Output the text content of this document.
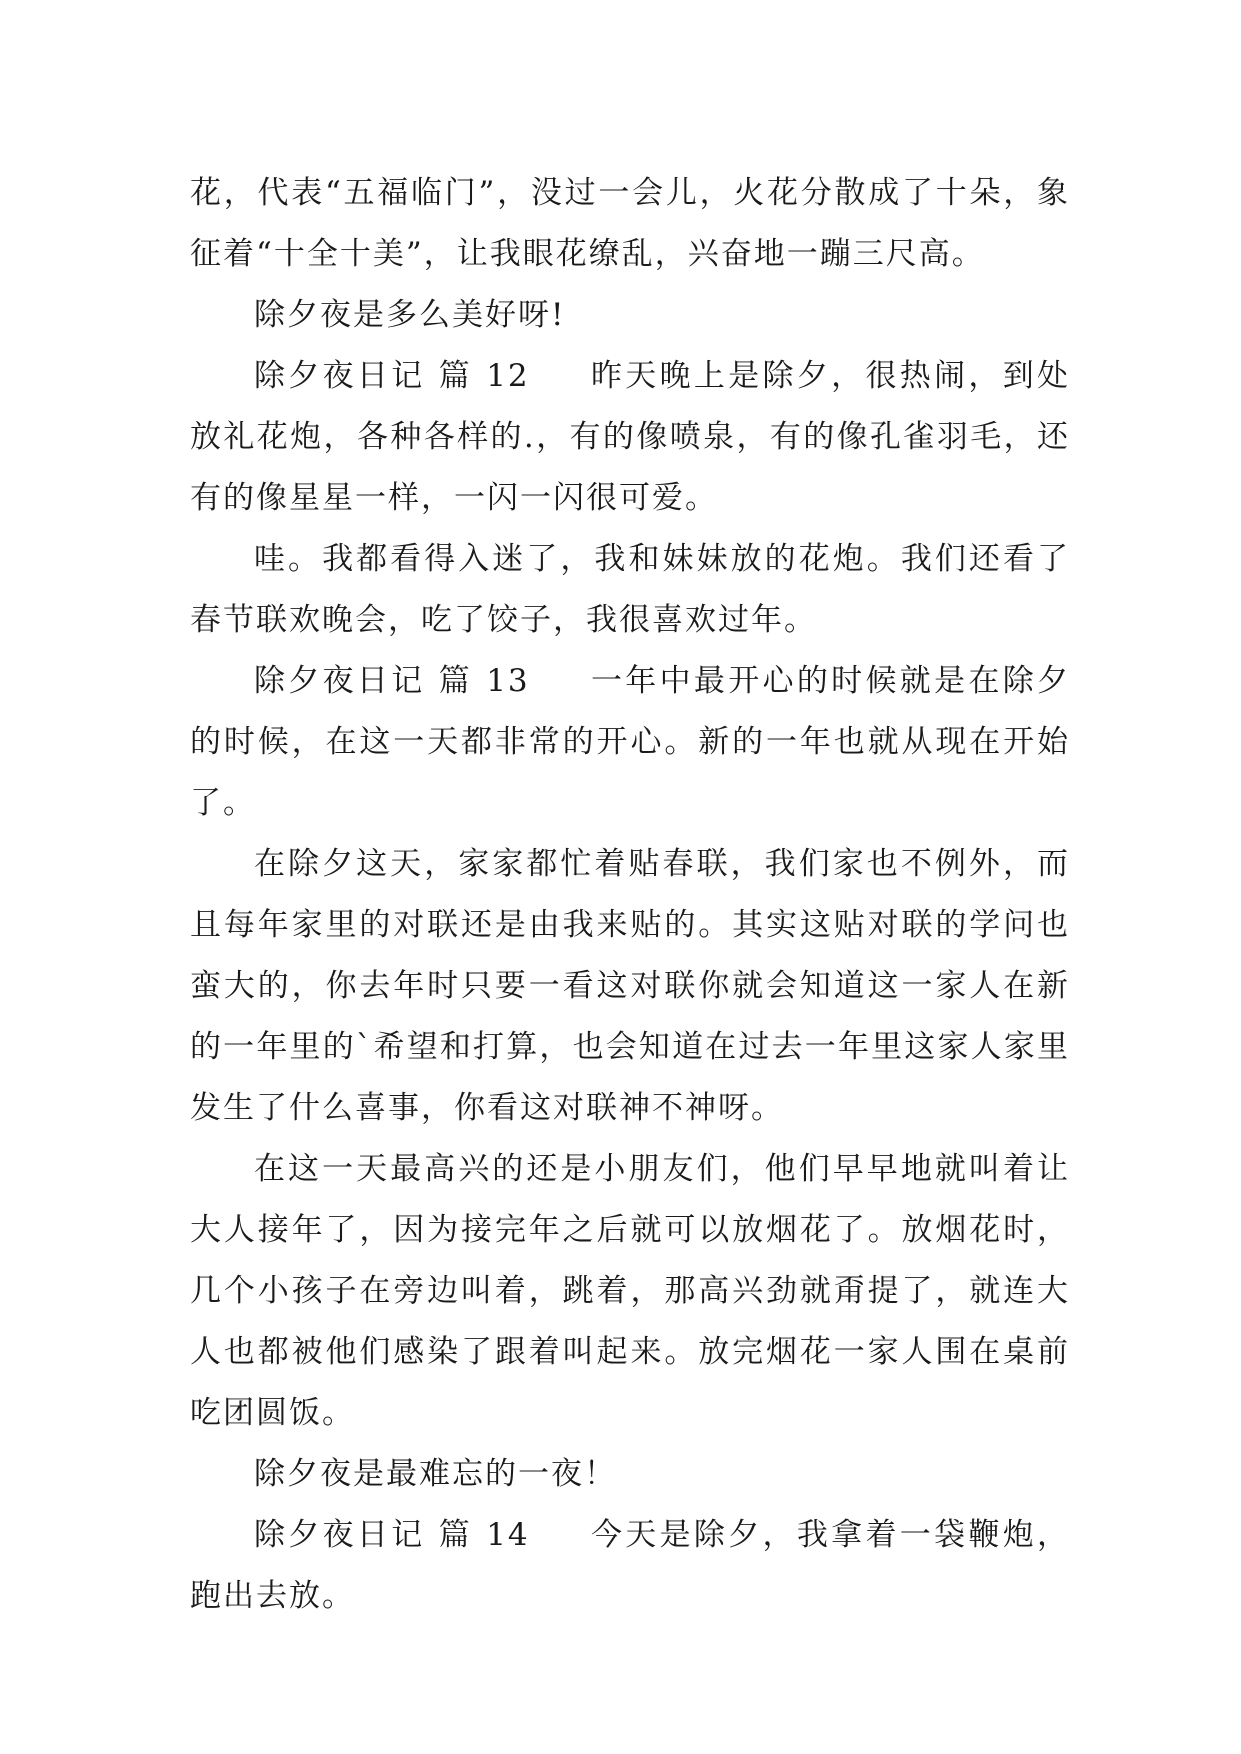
花，代表“五福临门”，没过一会儿，火花分散成了十朵，象征着“十全十美”，让我眼花缭乱，兴奋地一蹦三尺高。

除夕夜是多么美好呀!

除夕夜日记 篇 12 昨天晚上是除夕，很热闹，到处放礼花炮，各种各样的.，有的像喷泉，有的像孔雀羽毛，还有的像星星一样，一闪一闪很可爱。

哇。我都看得入迷了，我和妹妹放的花炮。我们还看了春节联欢晚会，吃了饺子，我很喜欢过年。

除夕夜日记 篇 13 一年中最开心的时候就是在除夕的时候，在这一天都非常的开心。新的一年也就从现在开始了。

在除夕这天，家家都忙着贴春联，我们家也不例外，而且每年家里的对联还是由我来贴的。其实这贴对联的学问也蛮大的，你去年时只要一看这对联你就会知道这一家人在新的一年里的`希望和打算，也会知道在过去一年里这家人家里发生了什么喜事，你看这对联神不神呀。

在这一天最高兴的还是小朋友们，他们早早地就叫着让大人接年了，因为接完年之后就可以放烟花了。放烟花时，几个小孩子在旁边叫着，跳着，那高兴劲就甭提了，就连大人也都被他们感染了跟着叫起来。放完烟花一家人围在桌前吃团圆饭。

除夕夜是最难忘的一夜！

除夕夜日记 篇 14 今天是除夕，我拿着一袋鞭炮，跑出去放。
